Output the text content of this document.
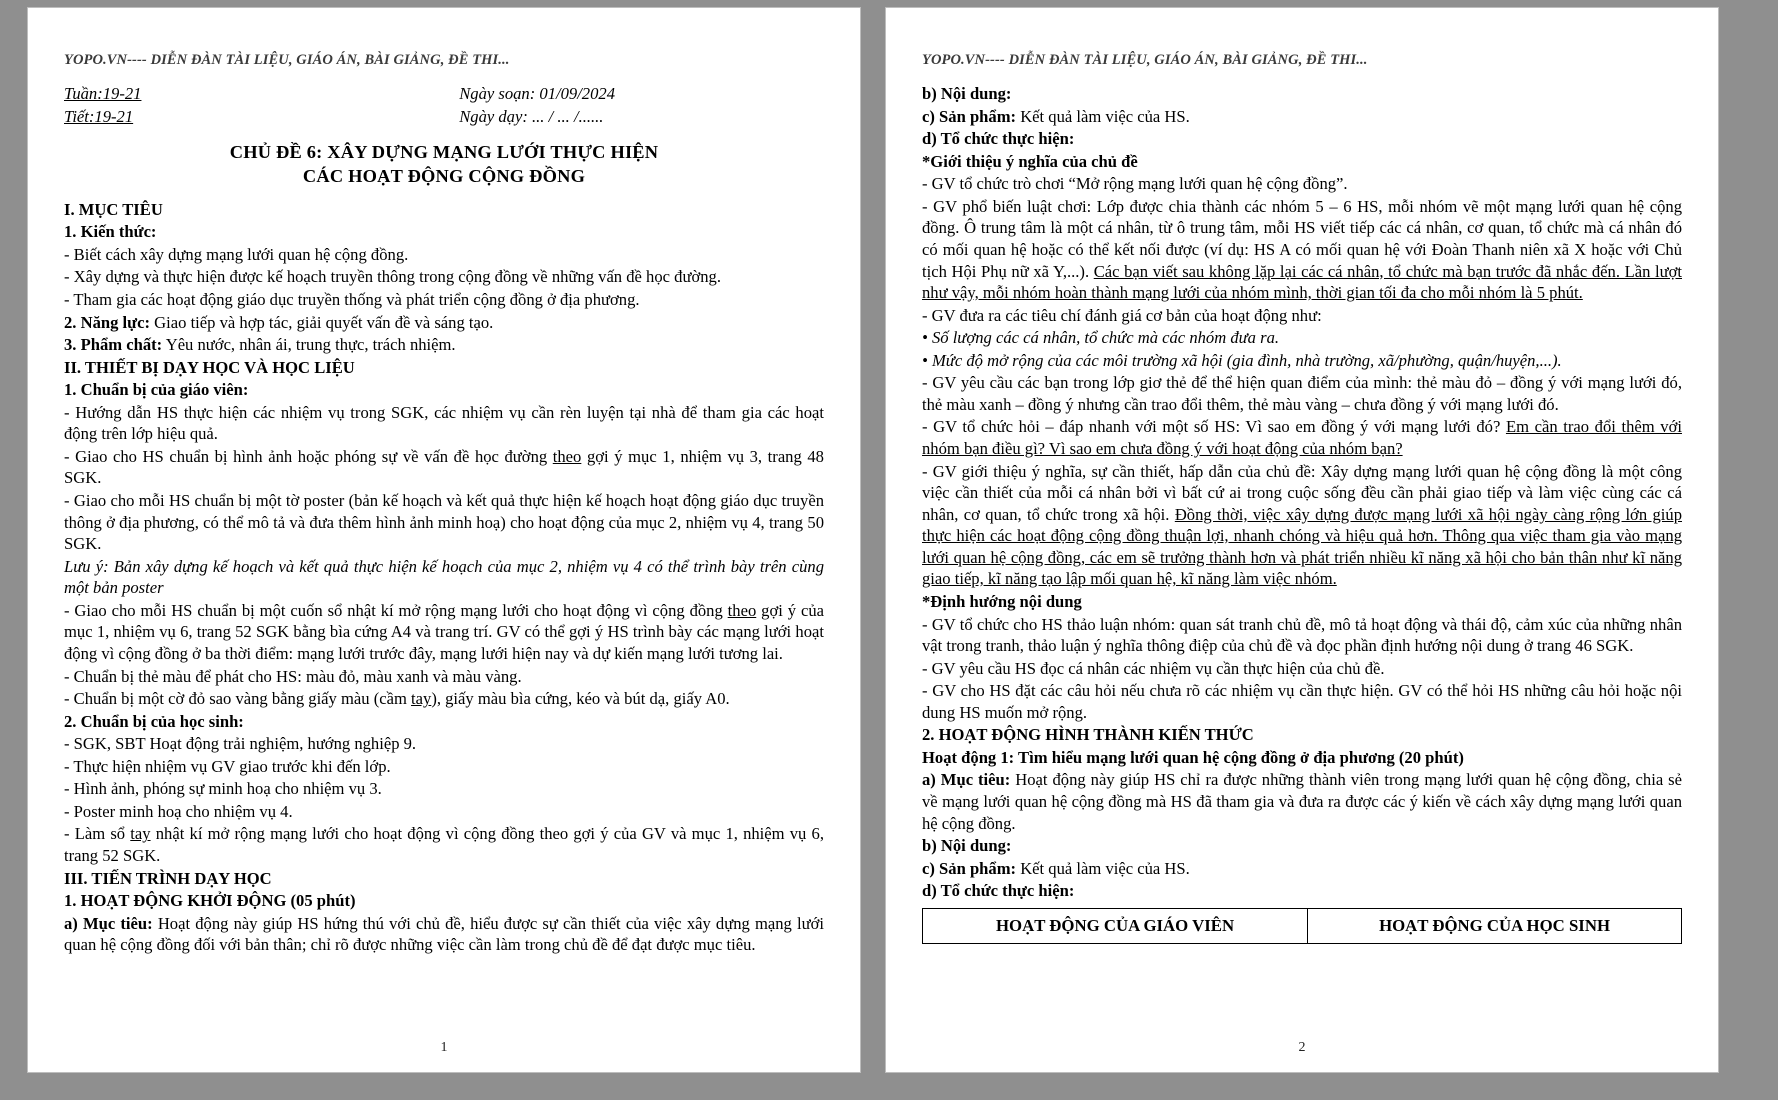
YOPO.VN---- DIỄN ĐÀN TÀI LIỆU, GIÁO ÁN, BÀI GIẢNG, ĐỀ THI...

Tuần:19-21

Tiết:19-21

Ngày soạn: 01/09/2024

Ngày dạy: ... / ... /......

CHỦ ĐỀ 6: XÂY DỰNG MẠNG LƯỚI THỰC HIỆN
CÁC HOẠT ĐỘNG CỘNG ĐỒNG

I. MỤC TIÊU

1. Kiến thức:

- Biết cách xây dựng mạng lưới quan hệ cộng đồng.

- Xây dựng và thực hiện được kế hoạch truyền thông trong cộng đồng về những vấn đề học đường.

- Tham gia các hoạt động giáo dục truyền thống và phát triển cộng đồng ở địa phương.

2. Năng lực: Giao tiếp và hợp tác, giải quyết vấn đề và sáng tạo.

3. Phẩm chất: Yêu nước, nhân ái, trung thực, trách nhiệm.

II. THIẾT BỊ DẠY HỌC VÀ HỌC LIỆU

1. Chuẩn bị của giáo viên:

- Hướng dẫn HS thực hiện các nhiệm vụ trong SGK, các nhiệm vụ cần rèn luyện tại nhà để tham gia các hoạt động trên lớp hiệu quả.

- Giao cho HS chuẩn bị hình ảnh hoặc phóng sự về vấn đề học đường theo gợi ý mục 1, nhiệm vụ 3, trang 48 SGK.

- Giao cho mỗi HS chuẩn bị một tờ poster (bản kế hoạch và kết quả thực hiện kế hoạch hoạt động giáo dục truyền thông ở địa phương, có thể mô tả và đưa thêm hình ảnh minh hoạ) cho hoạt động của mục 2, nhiệm vụ 4, trang 50 SGK.

Lưu ý: Bản xây dựng kế hoạch và kết quả thực hiện kế hoạch của mục 2, nhiệm vụ 4 có thể trình bày trên cùng một bản poster

- Giao cho mỗi HS chuẩn bị một cuốn sổ nhật kí mở rộng mạng lưới cho hoạt động vì cộng đồng theo gợi ý của mục 1, nhiệm vụ 6, trang 52 SGK bằng bìa cứng A4 và trang trí. GV có thể gợi ý HS trình bày các mạng lưới hoạt động vì cộng đồng ở ba thời điểm: mạng lưới trước đây, mạng lưới hiện nay và dự kiến mạng lưới tương lai.

- Chuẩn bị thẻ màu để phát cho HS: màu đỏ, màu xanh và màu vàng.

- Chuẩn bị một cờ đỏ sao vàng bằng giấy màu (cầm tay), giấy màu bìa cứng, kéo và bút dạ, giấy A0.

2. Chuẩn bị của học sinh:

- SGK, SBT Hoạt động trải nghiệm, hướng nghiệp 9.

- Thực hiện nhiệm vụ GV giao trước khi đến lớp.

- Hình ảnh, phóng sự minh hoạ cho nhiệm vụ 3.

- Poster minh hoạ cho nhiệm vụ 4.

- Làm sổ tay nhật kí mở rộng mạng lưới cho hoạt động vì cộng đồng theo gợi ý của GV và mục 1, nhiệm vụ 6, trang 52 SGK.

III. TIẾN TRÌNH DẠY HỌC

1. HOẠT ĐỘNG KHỞI ĐỘNG (05 phút)

a) Mục tiêu: Hoạt động này giúp HS hứng thú với chủ đề, hiểu được sự cần thiết của việc xây dựng mạng lưới quan hệ cộng đồng đối với bản thân; chỉ rõ được những việc cần làm trong chủ đề để đạt được mục tiêu.

1
YOPO.VN---- DIỄN ĐÀN TÀI LIỆU, GIÁO ÁN, BÀI GIẢNG, ĐỀ THI...

b) Nội dung:

c) Sản phẩm: Kết quả làm việc của HS.

d) Tổ chức thực hiện:

*Giới thiệu ý nghĩa của chủ đề

- GV tổ chức trò chơi “Mở rộng mạng lưới quan hệ cộng đồng”.

- GV phổ biến luật chơi: Lớp được chia thành các nhóm 5 – 6 HS, mỗi nhóm vẽ một mạng lưới quan hệ cộng đồng. Ô trung tâm là một cá nhân, từ ô trung tâm, mỗi HS viết tiếp các cá nhân, cơ quan, tổ chức mà cá nhân đó có mối quan hệ hoặc có thể kết nối được (ví dụ: HS A có mối quan hệ với Đoàn Thanh niên xã X hoặc với Chủ tịch Hội Phụ nữ xã Y,...). Các bạn viết sau không lặp lại các cá nhân, tổ chức mà bạn trước đã nhắc đến. Lần lượt như vậy, mỗi nhóm hoàn thành mạng lưới của nhóm mình, thời gian tối đa cho mỗi nhóm là 5 phút.

- GV đưa ra các tiêu chí đánh giá cơ bản của hoạt động như:

• Số lượng các cá nhân, tổ chức mà các nhóm đưa ra.

• Mức độ mở rộng của các môi trường xã hội (gia đình, nhà trường, xã/phường, quận/huyện,...).

- GV yêu cầu các bạn trong lớp giơ thẻ để thể hiện quan điểm của mình: thẻ màu đỏ – đồng ý với mạng lưới đó, thẻ màu xanh – đồng ý nhưng cần trao đổi thêm, thẻ màu vàng – chưa đồng ý với mạng lưới đó.

- GV tổ chức hỏi – đáp nhanh với một số HS: Vì sao em đồng ý với mạng lưới đó? Em cần trao đổi thêm với nhóm bạn điều gì? Vì sao em chưa đồng ý với hoạt động của nhóm bạn?

- GV giới thiệu ý nghĩa, sự cần thiết, hấp dẫn của chủ đề: Xây dựng mạng lưới quan hệ cộng đồng là một công việc cần thiết của mỗi cá nhân bởi vì bất cứ ai trong cuộc sống đều cần phải giao tiếp và làm việc cùng các cá nhân, cơ quan, tổ chức trong xã hội. Đồng thời, việc xây dựng được mạng lưới xã hội ngày càng rộng lớn giúp thực hiện các hoạt động cộng đồng thuận lợi, nhanh chóng và hiệu quả hơn. Thông qua việc tham gia vào mạng lưới quan hệ cộng đồng, các em sẽ trưởng thành hơn và phát triển nhiều kĩ năng xã hội cho bản thân như kĩ năng giao tiếp, kĩ năng tạo lập mối quan hệ, kĩ năng làm việc nhóm.

*Định hướng nội dung

- GV tổ chức cho HS thảo luận nhóm: quan sát tranh chủ đề, mô tả hoạt động và thái độ, cảm xúc của những nhân vật trong tranh, thảo luận ý nghĩa thông điệp của chủ đề và đọc phần định hướng nội dung ở trang 46 SGK.

- GV yêu cầu HS đọc cá nhân các nhiệm vụ cần thực hiện của chủ đề.

- GV cho HS đặt các câu hỏi nếu chưa rõ các nhiệm vụ cần thực hiện. GV có thể hỏi HS những câu hỏi hoặc nội dung HS muốn mở rộng.

2. HOẠT ĐỘNG HÌNH THÀNH KIẾN THỨC

Hoạt động 1: Tìm hiểu mạng lưới quan hệ cộng đồng ở địa phương (20 phút)

a) Mục tiêu: Hoạt động này giúp HS chỉ ra được những thành viên trong mạng lưới quan hệ cộng đồng, chia sẻ về mạng lưới quan hệ cộng đồng mà HS đã tham gia và đưa ra được các ý kiến về cách xây dựng mạng lưới quan hệ cộng đồng.

b) Nội dung:

c) Sản phẩm: Kết quả làm việc của HS.

d) Tổ chức thực hiện:

HOẠT ĐỘNG CỦA GIÁO VIÊN	HOẠT ĐỘNG CỦA HỌC SINH
2
